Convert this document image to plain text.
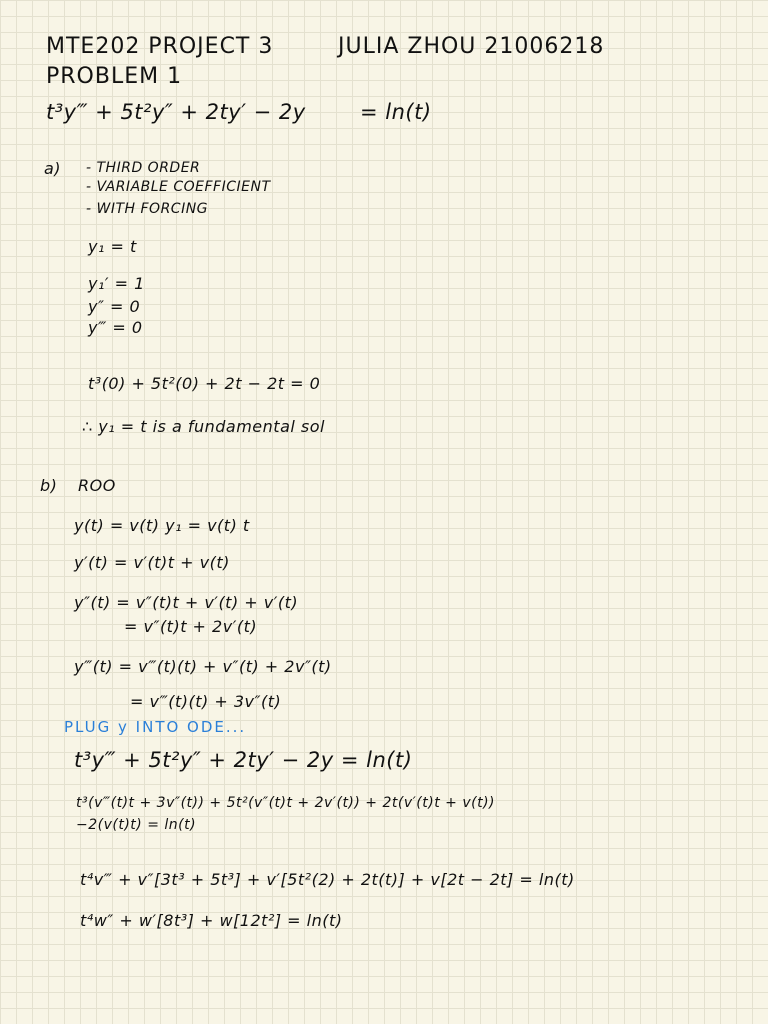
MTE202 PROJECT 3	JULIA ZHOU 21006218
PROBLEM 1
t³y‴ + 5t²y″ + 2ty′ − 2y	= ln(t)
a) - THIRD ORDER
- VARIABLE COEFFICIENT
- WITH FORCING
y₁ = t
y₁′ = 1
y″ = 0
y‴ = 0
t³(0) + 5t²(0) + 2t − 2t = 0
∴ y₁ = t is a fundamental sol
b) ROO
y(t) = v(t) y₁ = v(t) t
y′(t) = v′(t)t + v(t)
y″(t) = v″(t)t + v′(t) + v′(t)
= v″(t)t + 2v′(t)
y‴(t) = v‴(t)(t) + v″(t) + 2v″(t)
= v‴(t)(t) + 3v″(t)
PLUG y INTO ODE...
t³y‴ + 5t²y″ + 2ty′ − 2y = ln(t)
t³(v‴(t)t + 3v″(t)) + 5t²(v″(t)t + 2v′(t)) + 2t(v′(t)t + v(t))
−2(v(t)t) = ln(t)
t⁴v‴ + v″[3t³ + 5t³] + v′[5t²(2) + 2t(t)] + v[2t − 2t] = ln(t)
t⁴w″ + w′[8t³] + w[12t²] = ln(t)
